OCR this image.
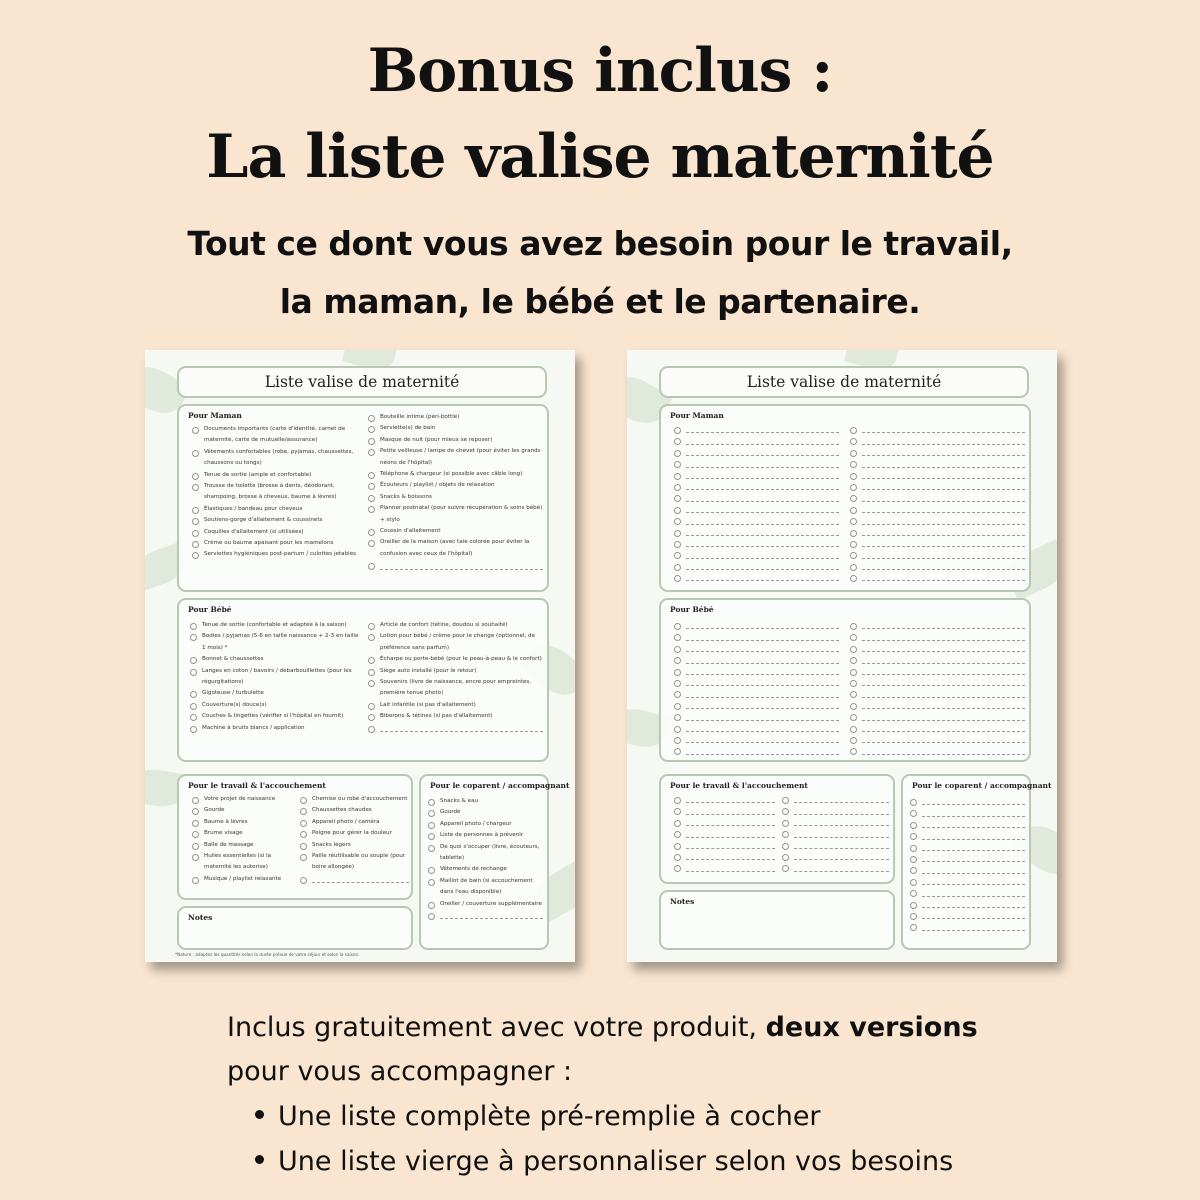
Bonus inclus :
La liste valise maternité
Tout ce dont vous avez besoin pour le travail,
la maman, le bébé et le partenaire.
Liste valise de maternité
Pour Maman
Documents importants (carte d'identité, carnet de maternité, carte de mutuelle/assurance)
Vêtements confortables (robe, pyjamas, chaussettes, chaussons ou tongs)
Tenue de sortie (ample et confortable)
Trousse de toilette (brosse à dents, déodorant, shampoing, brosse à cheveux, baume à lèvres)
Élastiques / bandeau pour cheveux
Soutiens-gorge d'allaitement & coussinets
Coquilles d'allaitement (si utilisées)
Crème ou baume apaisant pour les mamelons
Serviettes hygiéniques post-partum / culottes jetables
Bouteille intime (péri-bottle)
Serviette(s) de bain
Masque de nuit (pour mieux se reposer)
Petite veilleuse / lampe de chevet (pour éviter les grands néons de l'hôpital)
Téléphone & chargeur (si possible avec câble long)
Écouteurs / playlist / objets de relaxation
Snacks & boissons
Planner postnatal (pour suivre récupération & soins bébé) + stylo
Coussin d'allaitement
Oreiller de la maison (avec taie colorée pour éviter la confusion avec ceux de l'hôpital)
Pour Bébé
Tenue de sortie (confortable et adaptée à la saison)
Bodies / pyjamas (5-6 en taille naissance + 2-3 en taille 1 mois) *
Bonnet & chaussettes
Langes en coton / bavoirs / débarbouillettes (pour les régurgitations)
Gigoteuse / turbulette
Couverture(s) douce(s)
Couches & lingettes (vérifier si l'hôpital en fournit)
Machine à bruits blancs / application
Article de confort (tétine, doudou si souhaité)
Lotion pour bébé / crème pour le change (optionnel, de préférence sans parfum)
Écharpe ou porte-bébé (pour le peau-à-peau & le confort)
Siège auto installé (pour le retour)
Souvenirs (livre de naissance, encre pour empreintes, première tenue photo)
Lait infantile (si pas d'allaitement)
Biberons & tétines (si pas d'allaitement)
Pour le travail & l'accouchement
Votre projet de naissance
Gourde
Baume à lèvres
Brume visage
Balle de massage
Huiles essentielles (si la maternité les autorise)
Musique / playlist relaxante
Chemise ou robe d'accouchement
Chaussettes chaudes
Appareil photo / caméra
Peigne pour gérer la douleur
Snacks légers
Paille réutilisable ou souple (pour boire allongée)
Notes
Pour le coparent / accompagnant
Snacks & eau
Gourde
Appareil photo / chargeur
Liste de personnes à prévenir
De quoi s'occuper (livre, écouteurs, tablette)
Vêtements de rechange
Maillot de bain (si accouchement dans l'eau disponible)
Oreiller / couverture supplémentaire
*Nature : adaptez les quantités selon la durée prévue de votre séjour et selon la saison.
Liste valise de maternité
Pour Maman
Pour Bébé
Pour le travail & l'accouchement
Notes
Pour le coparent / accompagnant
Inclus gratuitement avec votre produit, deux versions
pour vous accompagner :
Une liste complète pré-remplie à cocher
Une liste vierge à personnaliser selon vos besoins
